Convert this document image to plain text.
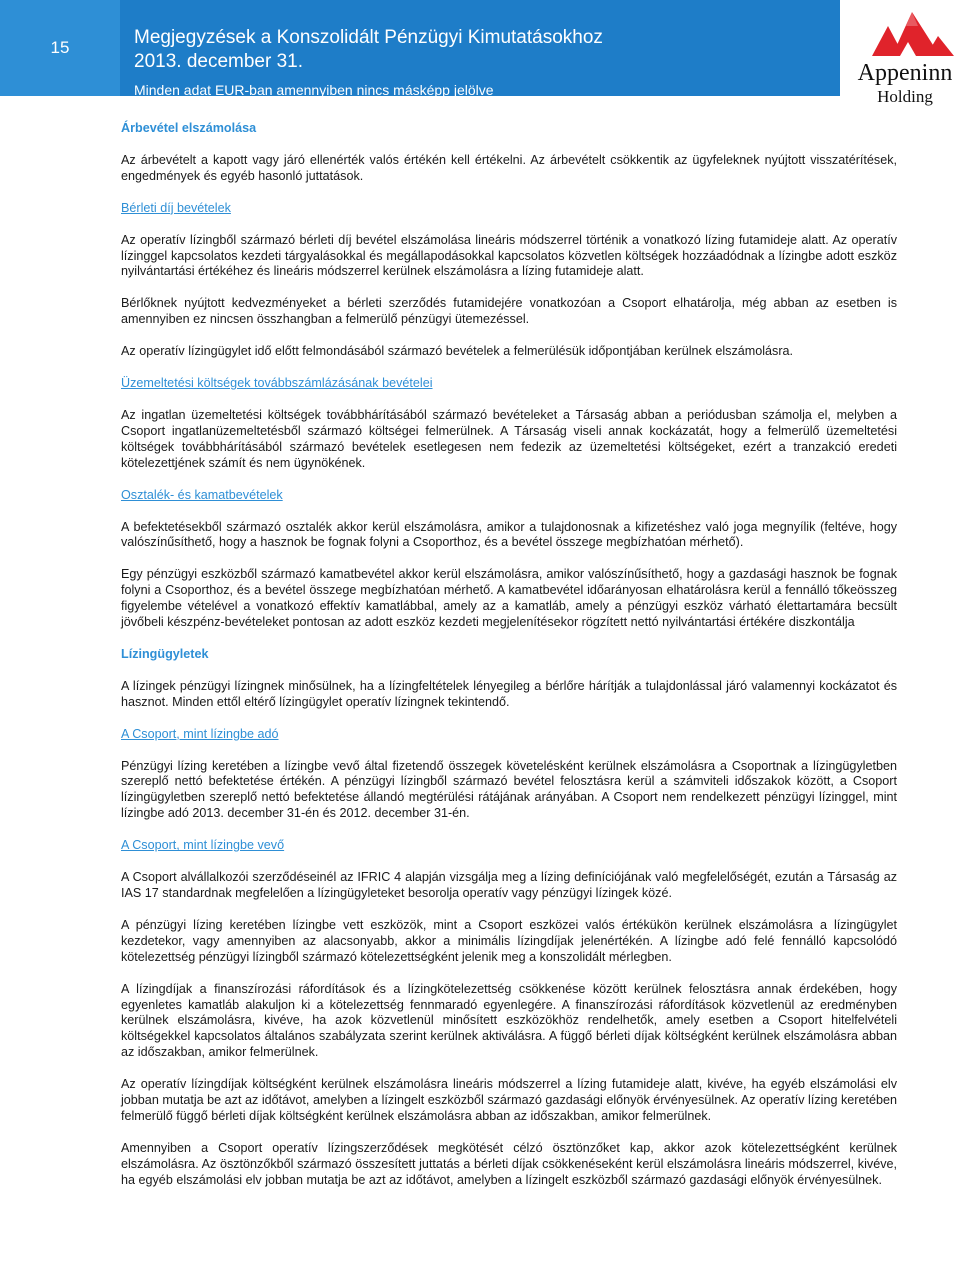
15	Megjegyzések a Konszolidált Pénzügyi Kimutatásokhoz
2013. december 31.
Minden adat EUR-ban amennyiben nincs másképp jelölve
Appeninn
Holding
Árbevétel elszámolása

Az árbevételt a kapott vagy járó ellenérték valós értékén kell értékelni. Az árbevételt csökkentik az ügyfeleknek nyújtott visszatérítések, engedmények és egyéb hasonló juttatások.

Bérleti díj bevételek

Az operatív lízingből származó bérleti díj bevétel elszámolása lineáris módszerrel történik a vonatkozó lízing futamideje alatt. Az operatív lízinggel kapcsolatos kezdeti tárgyalásokkal és megállapodásokkal kapcsolatos közvetlen költségek hozzáadódnak a lízingbe adott eszköz nyilvántartási értékéhez és lineáris módszerrel kerülnek elszámolásra a lízing futamideje alatt.

Bérlőknek nyújtott kedvezményeket a bérleti szerződés futamidejére vonatkozóan a Csoport elhatárolja, még abban az esetben is amennyiben ez nincsen összhangban a felmerülő pénzügyi ütemezéssel.

Az operatív lízingügylet idő előtt felmondásából származó bevételek a felmerülésük időpontjában kerülnek elszámolásra.

Üzemeltetési költségek továbbszámlázásának bevételei

Az ingatlan üzemeltetési költségek továbbhárításából származó bevételeket a Társaság abban a periódusban számolja el, melyben a Csoport ingatlanüzemeltetésből származó költségei felmerülnek. A Társaság viseli annak kockázatát, hogy a felmerülő üzemeltetési költségek továbbhárításából származó bevételek esetlegesen nem fedezik az üzemeltetési költségeket, ezért a tranzakció eredeti kötelezettjének számít és nem ügynökének.

Osztalék- és kamatbevételek

A befektetésekből származó osztalék akkor kerül elszámolásra, amikor a tulajdonosnak a kifizetéshez való joga megnyílik (feltéve, hogy valószínűsíthető, hogy a hasznok be fognak folyni a Csoporthoz, és a bevétel összege megbízhatóan mérhető).

Egy pénzügyi eszközből származó kamatbevétel akkor kerül elszámolásra, amikor valószínűsíthető, hogy a gazdasági hasznok be fognak folyni a Csoporthoz, és a bevétel összege megbízhatóan mérhető. A kamatbevétel időarányosan elhatárolásra kerül a fennálló tőkeösszeg figyelembe vételével a vonatkozó effektív kamatlábbal, amely az a kamatláb, amely a pénzügyi eszköz várható élettartamára becsült jövőbeli készpénz-bevételeket pontosan az adott eszköz kezdeti megjelenítésekor rögzített nettó nyilvántartási értékére diszkontálja

Lízingügyletek

A lízingek pénzügyi lízingnek minősülnek, ha a lízingfeltételek lényegileg a bérlőre hárítják a tulajdonlással járó valamennyi kockázatot és hasznot. Minden ettől eltérő lízingügylet operatív lízingnek tekintendő.

A Csoport, mint lízingbe adó

Pénzügyi lízing keretében a lízingbe vevő által fizetendő összegek követelésként kerülnek elszámolásra a Csoportnak a lízingügyletben szereplő nettó befektetése értékén. A pénzügyi lízingből származó bevétel felosztásra kerül a számviteli időszakok között, a Csoport lízingügyletben szereplő nettó befektetése állandó megtérülési rátájának arányában. A Csoport nem rendelkezett pénzügyi lízinggel, mint lízingbe adó 2013. december 31-én és 2012. december 31-én.

A Csoport, mint lízingbe vevő

A Csoport alvállalkozói szerződéseinél az IFRIC 4 alapján vizsgálja meg a lízing definíciójának való megfelelőségét, ezután a Társaság az IAS 17 standardnak megfelelően a lízingügyleteket besorolja operatív vagy pénzügyi lízingek közé.

A pénzügyi lízing keretében lízingbe vett eszközök, mint a Csoport eszközei valós értékükön kerülnek elszámolásra a lízingügylet kezdetekor, vagy amennyiben az alacsonyabb, akkor a minimális lízingdíjak jelenértékén. A lízingbe adó felé fennálló kapcsolódó kötelezettség pénzügyi lízingből származó kötelezettségként jelenik meg a konszolidált mérlegben.

A lízingdíjak a finanszírozási ráfordítások és a lízingkötelezettség csökkenése között kerülnek felosztásra annak érdekében, hogy egyenletes kamatláb alakuljon ki a kötelezettség fennmaradó egyenlegére. A finanszírozási ráfordítások közvetlenül az eredményben kerülnek elszámolásra, kivéve, ha azok közvetlenül minősített eszközökhöz rendelhetők, amely esetben a Csoport hitelfelvételi költségekkel kapcsolatos általános szabályzata szerint kerülnek aktiválásra. A függő bérleti díjak költségként kerülnek elszámolásra abban az időszakban, amikor felmerülnek.

Az operatív lízingdíjak költségként kerülnek elszámolásra lineáris módszerrel a lízing futamideje alatt, kivéve, ha egyéb elszámolási elv jobban mutatja be azt az időtávot, amelyben a lízingelt eszközből származó gazdasági előnyök érvényesülnek. Az operatív lízing keretében felmerülő függő bérleti díjak költségként kerülnek elszámolásra abban az időszakban, amikor felmerülnek.

Amennyiben a Csoport operatív lízingszerződések megkötését célzó ösztönzőket kap, akkor azok kötelezettségként kerülnek elszámolásra. Az ösztönzőkből származó összesített juttatás a bérleti díjak csökkenéseként kerül elszámolásra lineáris módszerrel, kivéve, ha egyéb elszámolási elv jobban mutatja be azt az időtávot, amelyben a lízingelt eszközből származó gazdasági előnyök érvényesülnek.
